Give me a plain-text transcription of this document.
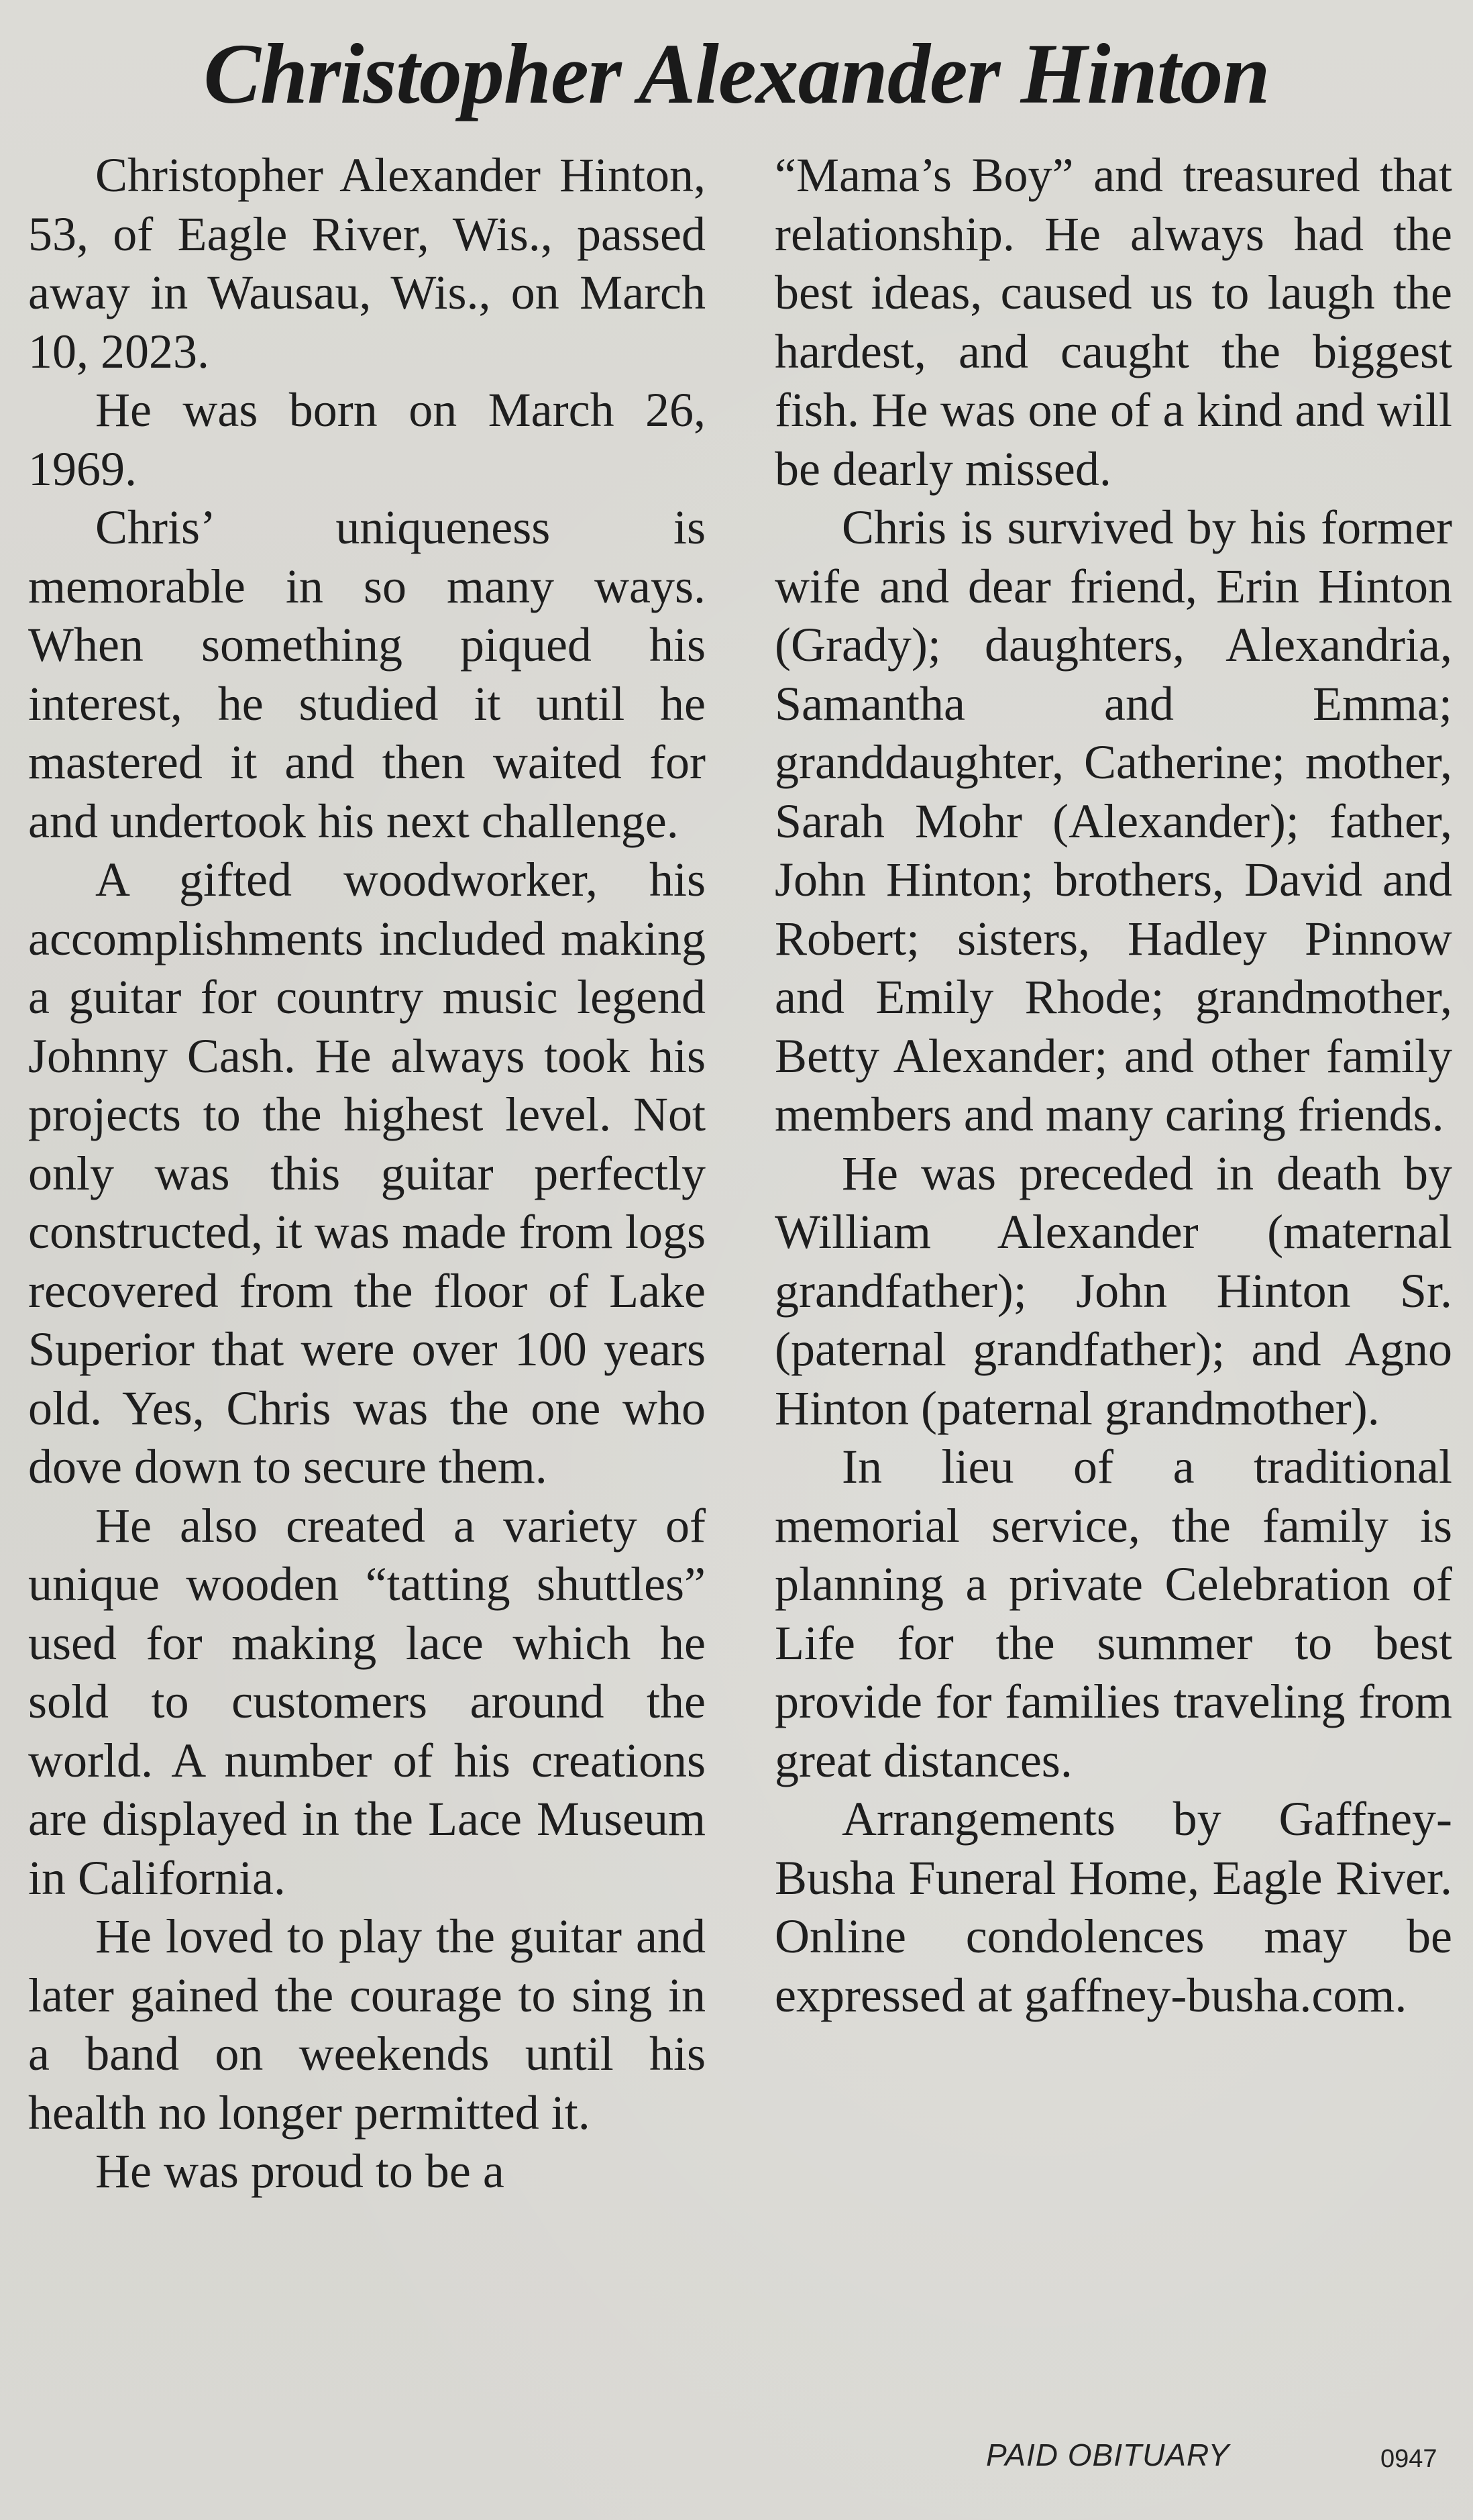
Christopher Alexander Hinton

Christopher Alexander Hinton, 53, of Eagle River, Wis., passed away in Wausau, Wis., on March 10, 2023.

He was born on March 26, 1969.

Chris’ uniqueness is memorable in so many ways. When something piqued his interest, he studied it until he mastered it and then waited for and undertook his next challenge.

A gifted woodworker, his accomplishments included making a guitar for country music legend Johnny Cash. He always took his projects to the highest level. Not only was this guitar perfectly constructed, it was made from logs recovered from the floor of Lake Superior that were over 100 years old. Yes, Chris was the one who dove down to secure them.

He also created a variety of unique wooden “tatting shuttles” used for making lace which he sold to customers around the world. A number of his creations are displayed in the Lace Museum in California.

He loved to play the guitar and later gained the courage to sing in a band on weekends until his health no longer permitted it.

He was proud to be a

“Mama’s Boy” and treasured that relationship. He always had the best ideas, caused us to laugh the hardest, and caught the biggest fish. He was one of a kind and will be dearly missed.

Chris is survived by his former wife and dear friend, Erin Hinton (Grady); daughters, Alexandria, Samantha and Emma; granddaughter, Catherine; mother, Sarah Mohr (Alexander); father, John Hinton; brothers, David and Robert; sisters, Hadley Pinnow and Emily Rhode; grandmother, Betty Alexander; and other family members and many caring friends.

He was preceded in death by William Alexander (maternal grandfather); John Hinton Sr. (paternal grandfather); and Agno Hinton (paternal grandmother).

In lieu of a traditional memorial service, the family is planning a private Celebration of Life for the summer to best provide for families traveling from great distances.

Arrangements by Gaffney-Busha Funeral Home, Eagle River. Online condolences may be expressed at gaffney-busha.com.

PAID OBITUARY	0947
